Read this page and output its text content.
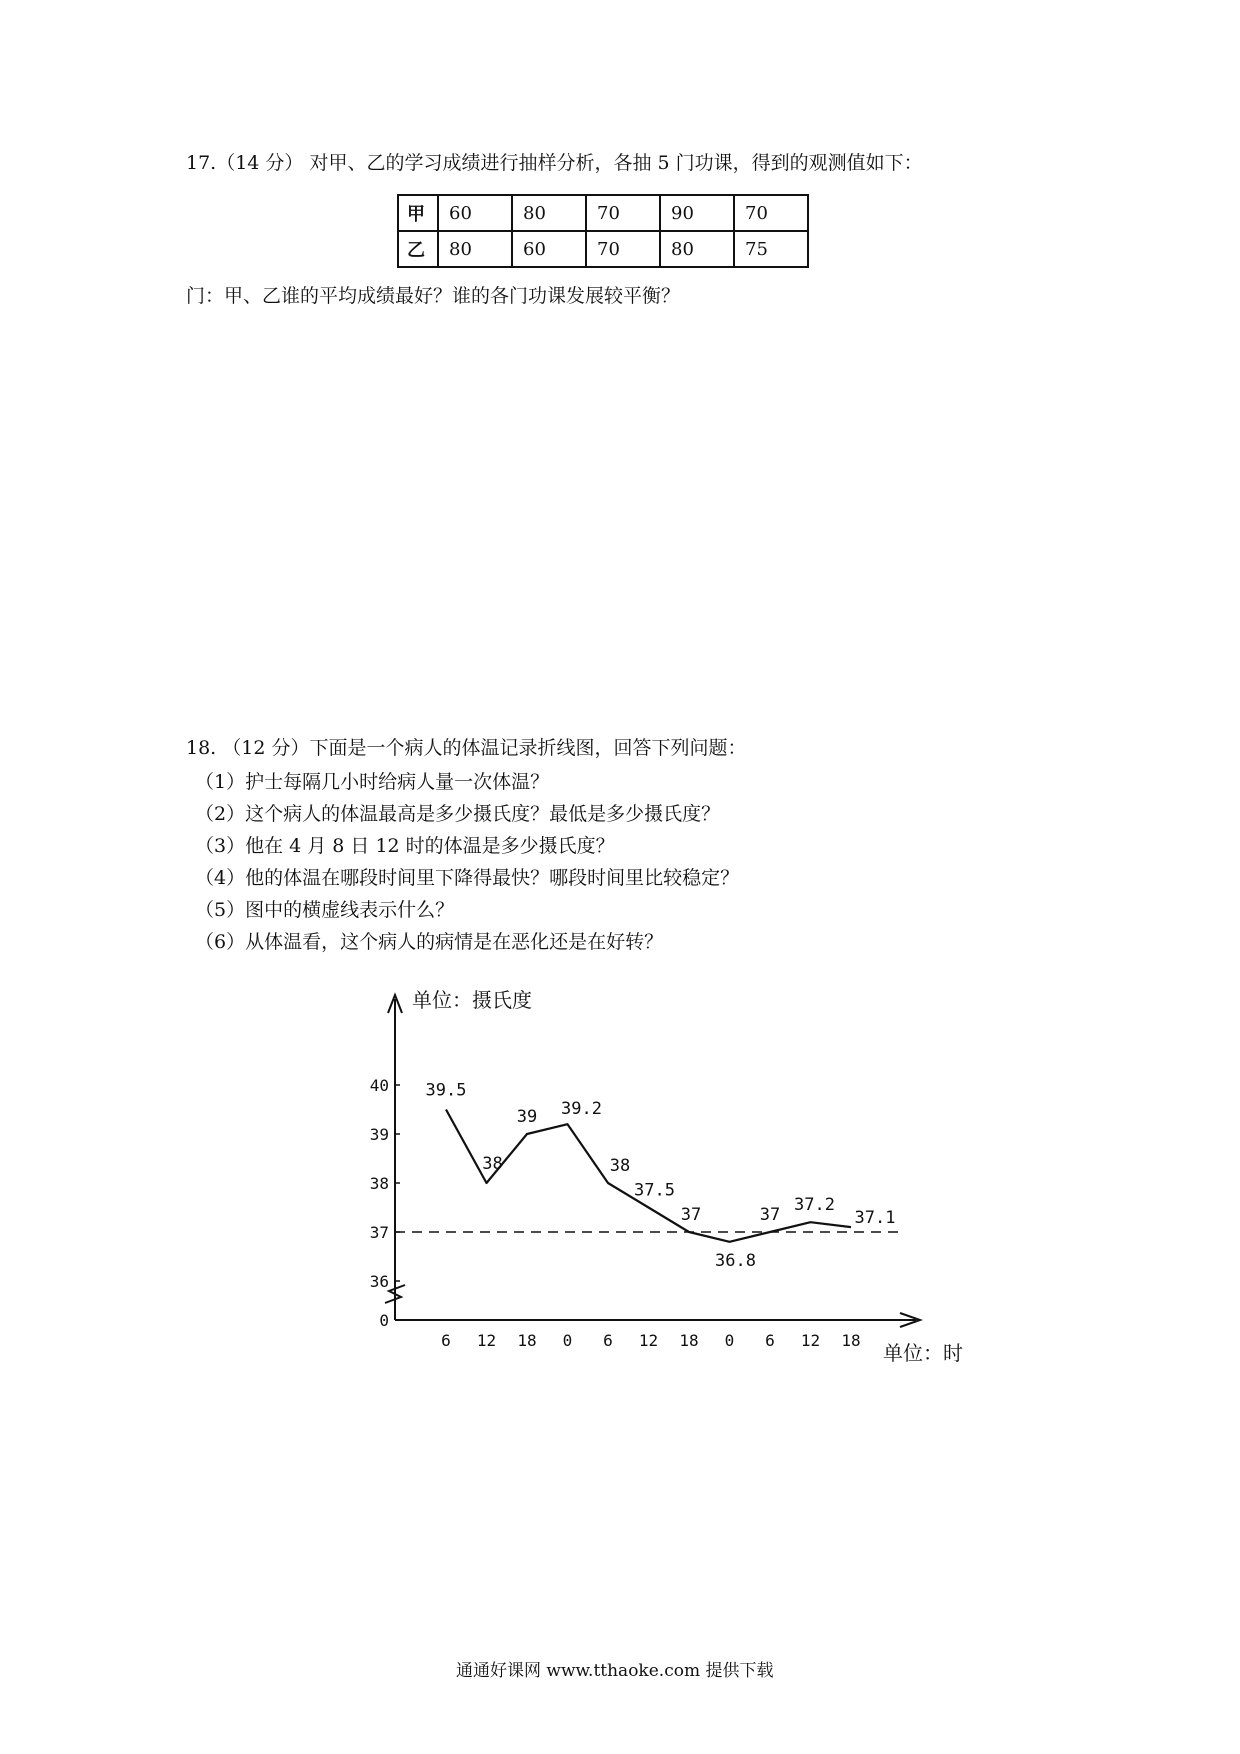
17.（14 分） 对甲、乙的学习成绩进行抽样分析，各抽 5 门功课，得到的观测值如下：
甲	60	80	70	90	70
乙	80	60	70	80	75
门：甲、乙谁的平均成绩最好？谁的各门功课发展较平衡？
18. （12 分）下面是一个病人的体温记录折线图，回答下列问题：
（1）护士每隔几小时给病人量一次体温？
（2）这个病人的体温最高是多少摄氏度？最低是多少摄氏度？
（3）他在 4 月 8 日 12 时的体温是多少摄氏度？
（4）他的体温在哪段时间里下降得最快？哪段时间里比较稳定？
（5）图中的横虚线表示什么？
（6）从体温看，这个病人的病情是在恶化还是在好转？
单位：摄氏度
单位：时
40
39
38
37
36
0
6 12 18 0 6 12 18 0 6 12 18
39.5
38
39 39.2
38
37.5
37
36.8
37 37.2
37.1
通通好课网 www.tthaoke.com 提供下载
